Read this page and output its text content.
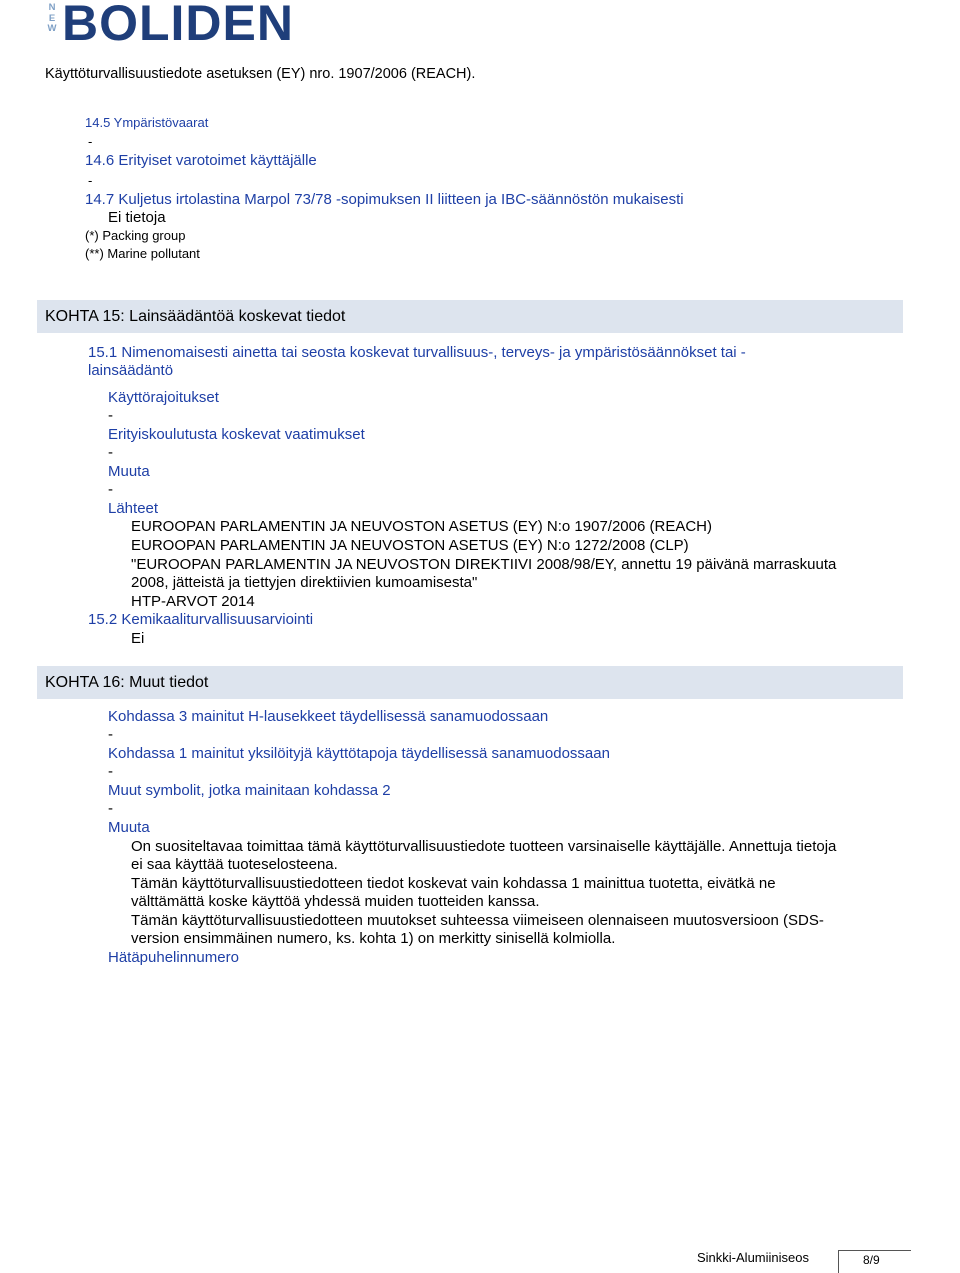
N
E
W BOLIDEN
Käyttöturvallisuustiedote asetuksen (EY) nro. 1907/2006 (REACH).
14.5 Ympäristövaarat
-
14.6 Erityiset varotoimet käyttäjälle
-
14.7 Kuljetus irtolastina Marpol 73/78 -sopimuksen II liitteen ja IBC-säännöstön mukaisesti
Ei tietoja
(*) Packing group
(**) Marine pollutant
KOHTA 15: Lainsäädäntöä koskevat tiedot
15.1 Nimenomaisesti ainetta tai seosta koskevat turvallisuus-, terveys- ja ympäristösäännökset tai -
lainsäädäntö
Käyttörajoitukset
-
Erityiskoulutusta koskevat vaatimukset
-
Muuta
-
Lähteet
EUROOPAN PARLAMENTIN JA NEUVOSTON ASETUS (EY) N:o 1907/2006 (REACH)
EUROOPAN PARLAMENTIN JA NEUVOSTON ASETUS (EY) N:o 1272/2008 (CLP)
"EUROOPAN PARLAMENTIN JA NEUVOSTON DIREKTIIVI 2008/98/EY, annettu 19 päivänä marraskuuta
2008, jätteistä ja tiettyjen direktiivien kumoamisesta"
HTP-ARVOT 2014
15.2 Kemikaaliturvallisuusarviointi
Ei
KOHTA 16: Muut tiedot
Kohdassa 3 mainitut H-lausekkeet täydellisessä sanamuodossaan
-
Kohdassa 1 mainitut yksilöityjä käyttötapoja täydellisessä sanamuodossaan
-
Muut symbolit, jotka mainitaan kohdassa 2
-
Muuta
On suositeltavaa toimittaa tämä käyttöturvallisuustiedote tuotteen varsinaiselle käyttäjälle. Annettuja tietoja
ei saa käyttää tuoteselosteena.
Tämän käyttöturvallisuustiedotteen tiedot koskevat vain kohdassa 1 mainittua tuotetta, eivätkä ne
välttämättä koske käyttöä yhdessä muiden tuotteiden kanssa.
Tämän käyttöturvallisuustiedotteen muutokset suhteessa viimeiseen olennaiseen muutosversioon (SDS-
version ensimmäinen numero, ks. kohta 1) on merkitty sinisellä kolmiolla.
Hätäpuhelinnumero
Sinkki-Alumiiniseos	8/9
